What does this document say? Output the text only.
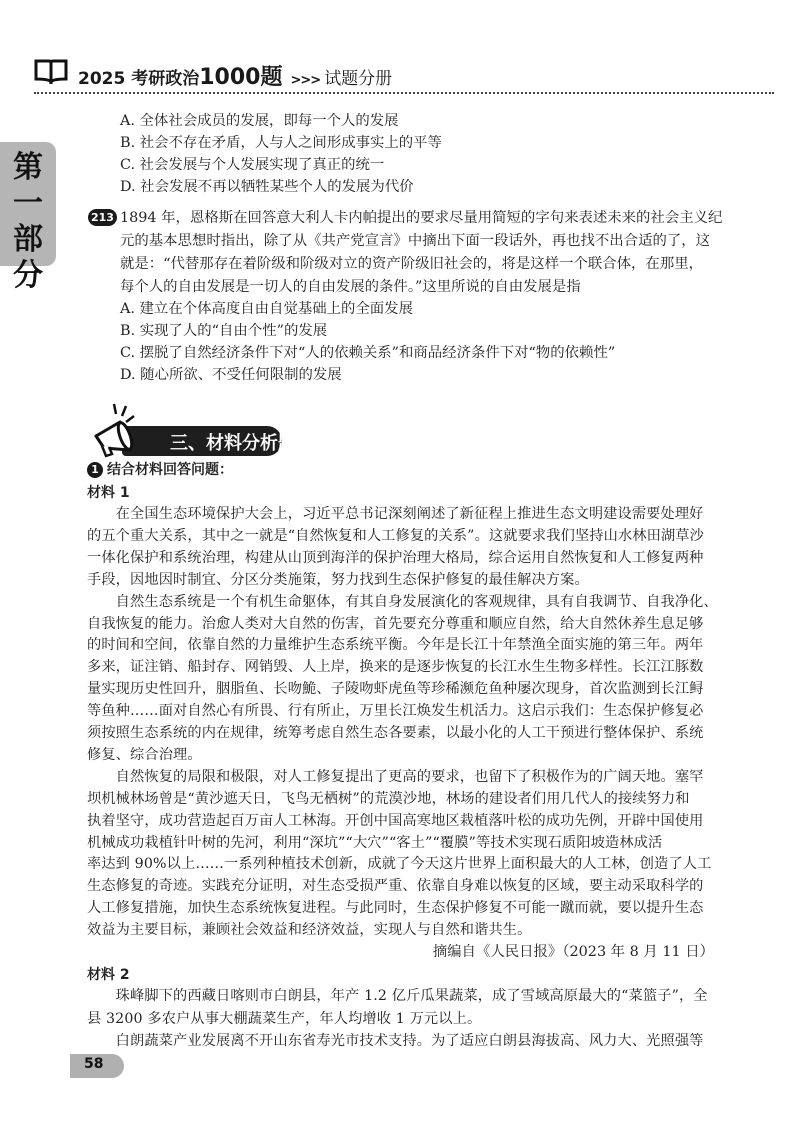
2025 考研政治1000题 >>> 试题分册
第一部分
A. 全体社会成员的发展，即每一个人的发展
B. 社会不存在矛盾，人与人之间形成事实上的平等
C. 社会发展与个人发展实现了真正的统一
D. 社会发展不再以牺牲某些个人的发展为代价
213 1894 年，恩格斯在回答意大利人卡内帕提出的要求尽量用简短的字句来表述未来的社会主义纪
元的基本思想时指出，除了从《共产党宣言》中摘出下面一段话外，再也找不出合适的了，这
就是：“代替那存在着阶级和阶级对立的资产阶级旧社会的，将是这样一个联合体，在那里，
每个人的自由发展是一切人的自由发展的条件。”这里所说的自由发展是指
A. 建立在个体高度自由自觉基础上的全面发展
B. 实现了人的“自由个性”的发展
C. 摆脱了自然经济条件下对“人的依赖关系”和商品经济条件下对“物的依赖性”
D. 随心所欲、不受任何限制的发展
三、材料分析题
1 结合材料回答问题：
材料 1
　　在全国生态环境保护大会上，习近平总书记深刻阐述了新征程上推进生态文明建设需要处理好
的五个重大关系，其中之一就是“自然恢复和人工修复的关系”。这就要求我们坚持山水林田湖草沙
一体化保护和系统治理，构建从山顶到海洋的保护治理大格局，综合运用自然恢复和人工修复两种
手段，因地因时制宜、分区分类施策，努力找到生态保护修复的最佳解决方案。
　　自然生态系统是一个有机生命躯体，有其自身发展演化的客观规律，具有自我调节、自我净化、
自我恢复的能力。治愈人类对大自然的伤害，首先要充分尊重和顺应自然，给大自然休养生息足够
的时间和空间，依靠自然的力量维护生态系统平衡。今年是长江十年禁渔全面实施的第三年。两年
多来，证注销、船封存、网销毁、人上岸，换来的是逐步恢复的长江水生生物多样性。长江江豚数
量实现历史性回升，胭脂鱼、长吻鮠、子陵吻虾虎鱼等珍稀濒危鱼种屡次现身，首次监测到长江鲟
等鱼种……面对自然心有所畏、行有所止，万里长江焕发生机活力。这启示我们：生态保护修复必
须按照生态系统的内在规律，统筹考虑自然生态各要素，以最小化的人工干预进行整体保护、系统
修复、综合治理。
　　自然恢复的局限和极限，对人工修复提出了更高的要求，也留下了积极作为的广阔天地。塞罕
坝机械林场曾是“黄沙遮天日，飞鸟无栖树”的荒漠沙地，林场的建设者们用几代人的接续努力和
执着坚守，成功营造起百万亩人工林海。开创中国高寒地区栽植落叶松的成功先例，开辟中国使用
机械成功栽植针叶树的先河，利用“深坑”“大穴”“客土”“覆膜”等技术实现石质阳坡造林成活
率达到 90%以上……一系列种植技术创新，成就了今天这片世界上面积最大的人工林，创造了人工
生态修复的奇迹。实践充分证明，对生态受损严重、依靠自身难以恢复的区域，要主动采取科学的
人工修复措施，加快生态系统恢复进程。与此同时，生态保护修复不可能一蹴而就，要以提升生态
效益为主要目标，兼顾社会效益和经济效益，实现人与自然和谐共生。
摘编自《人民日报》（2023 年 8 月 11 日）
材料 2
　　珠峰脚下的西藏日喀则市白朗县，年产 1.2 亿斤瓜果蔬菜，成了雪域高原最大的“菜篮子”，全
县 3200 多农户从事大棚蔬菜生产，年人均增收 1 万元以上。
　　白朗蔬菜产业发展离不开山东省寿光市技术支持。为了适应白朗县海拔高、风力大、光照强等
58
